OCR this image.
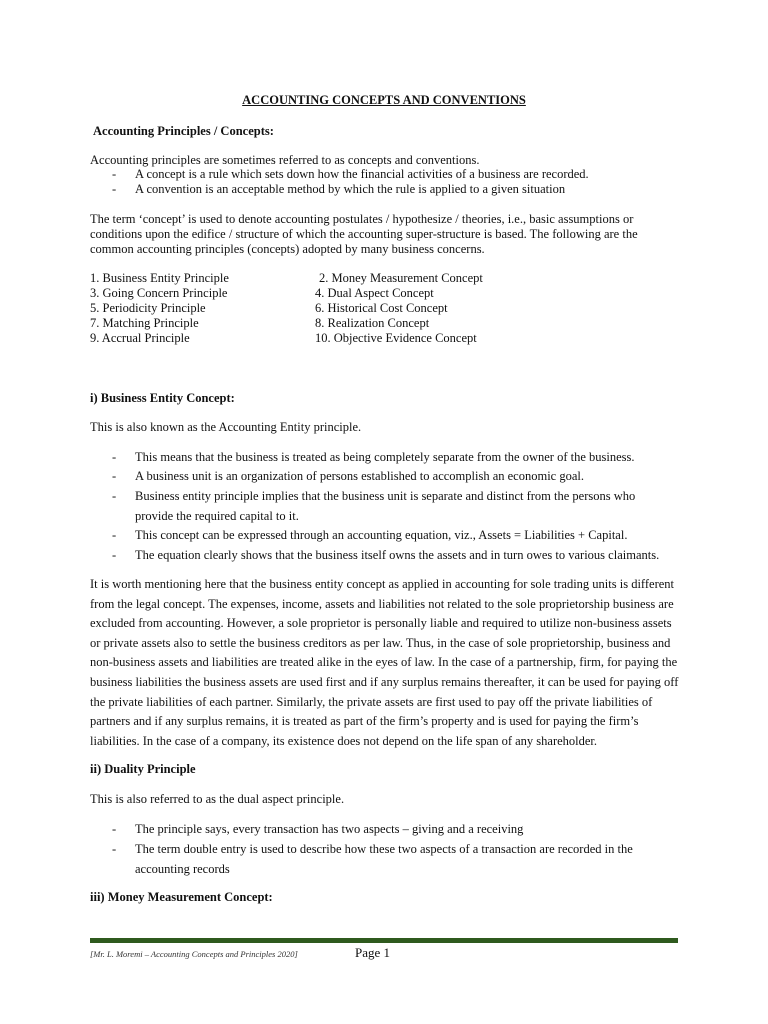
ACCOUNTING CONCEPTS AND CONVENTIONS

Accounting Principles / Concepts:

Accounting principles are sometimes referred to as concepts and conventions.

- A concept is a rule which sets down how the financial activities of a business are recorded.
- A convention is an acceptable method by which the rule is applied to a given situation

The term ‘concept’ is used to denote accounting postulates / hypothesize / theories, i.e., basic assumptions or conditions upon the edifice / structure of which the accounting super-structure is based. The following are the common accounting principles (concepts) adopted by many business concerns.

1. Business Entity Principle	2. Money Measurement Concept
3. Going Concern Principle	4. Dual Aspect Concept
5. Periodicity Principle	6. Historical Cost Concept
7. Matching Principle	8. Realization Concept
9. Accrual Principle	10. Objective Evidence Concept

i) Business Entity Concept:

This is also known as the Accounting Entity principle.

- This means that the business is treated as being completely separate from the owner of the business.
- A business unit is an organization of persons established to accomplish an economic goal.
- Business entity principle implies that the business unit is separate and distinct from the persons who provide the required capital to it.
- This concept can be expressed through an accounting equation, viz., Assets = Liabilities + Capital.
- The equation clearly shows that the business itself owns the assets and in turn owes to various claimants.

It is worth mentioning here that the business entity concept as applied in accounting for sole trading units is different from the legal concept. The expenses, income, assets and liabilities not related to the sole proprietorship business are excluded from accounting. However, a sole proprietor is personally liable and required to utilize non-business assets or private assets also to settle the business creditors as per law. Thus, in the case of sole proprietorship, business and non-business assets and liabilities are treated alike in the eyes of law. In the case of a partnership, firm, for paying the business liabilities the business assets are used first and if any surplus remains thereafter, it can be used for paying off the private liabilities of each partner. Similarly, the private assets are first used to pay off the private liabilities of partners and if any surplus remains, it is treated as part of the firm’s property and is used for paying the firm’s liabilities. In the case of a company, its existence does not depend on the life span of any shareholder.

ii) Duality Principle

This is also referred to as the dual aspect principle.

- The principle says, every transaction has two aspects – giving and a receiving
- The term double entry is used to describe how these two aspects of a transaction are recorded in the accounting records

iii) Money Measurement Concept:

[Mr. L. Moremi – Accounting Concepts and Principles 2020]	Page 1
